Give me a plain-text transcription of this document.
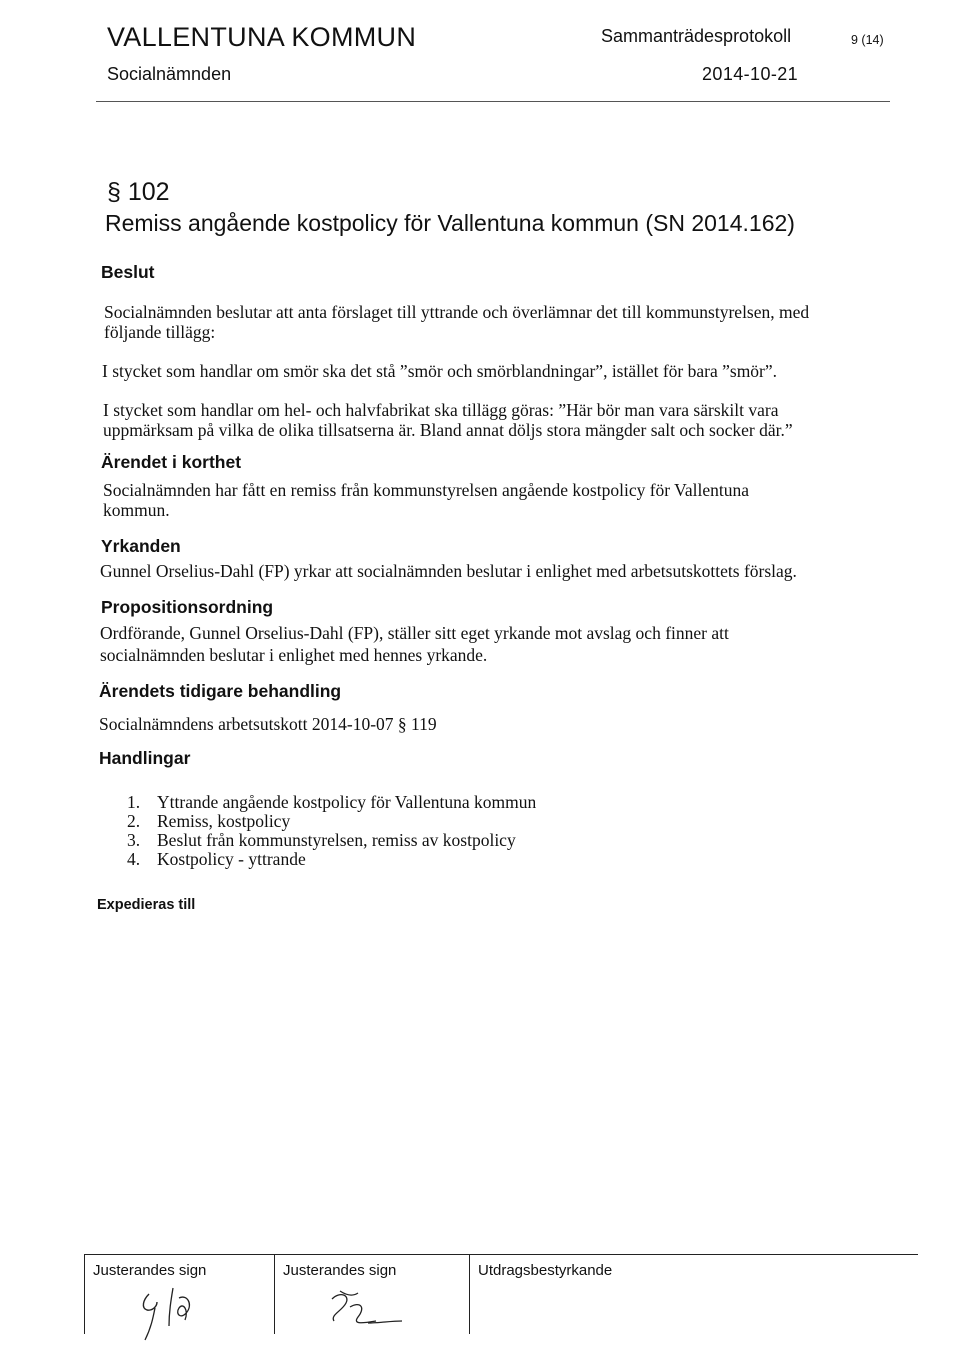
VALLENTUNA KOMMUN	Sammanträdesprotokoll	9 (14)
Socialnämnden	2014-10-21
§ 102
Remiss angående kostpolicy för Vallentuna kommun (SN 2014.162)
Beslut
Socialnämnden beslutar att anta förslaget till yttrande och överlämnar det till kommunstyrelsen, med
följande tillägg:
I stycket som handlar om smör ska det stå ”smör och smörblandningar”, istället för bara ”smör”.
I stycket som handlar om hel- och halvfabrikat ska tillägg göras: ”Här bör man vara särskilt vara
uppmärksam på vilka de olika tillsatserna är. Bland annat döljs stora mängder salt och socker där.”
Ärendet i korthet
Socialnämnden har fått en remiss från kommunstyrelsen angående kostpolicy för Vallentuna
kommun.
Yrkanden
Gunnel Orselius-Dahl (FP) yrkar att socialnämnden beslutar i enlighet med arbetsutskottets förslag.
Propositionsordning
Ordförande, Gunnel Orselius-Dahl (FP), ställer sitt eget yrkande mot avslag och finner att
socialnämnden beslutar i enlighet med hennes yrkande.
Ärendets tidigare behandling
Socialnämndens arbetsutskott 2014-10-07 § 119
Handlingar
1. Yttrande angående kostpolicy för Vallentuna kommun
2. Remiss, kostpolicy
3. Beslut från kommunstyrelsen, remiss av kostpolicy
4. Kostpolicy - yttrande
Expedieras till
Justerandes sign	Justerandes sign	Utdragsbestyrkande
